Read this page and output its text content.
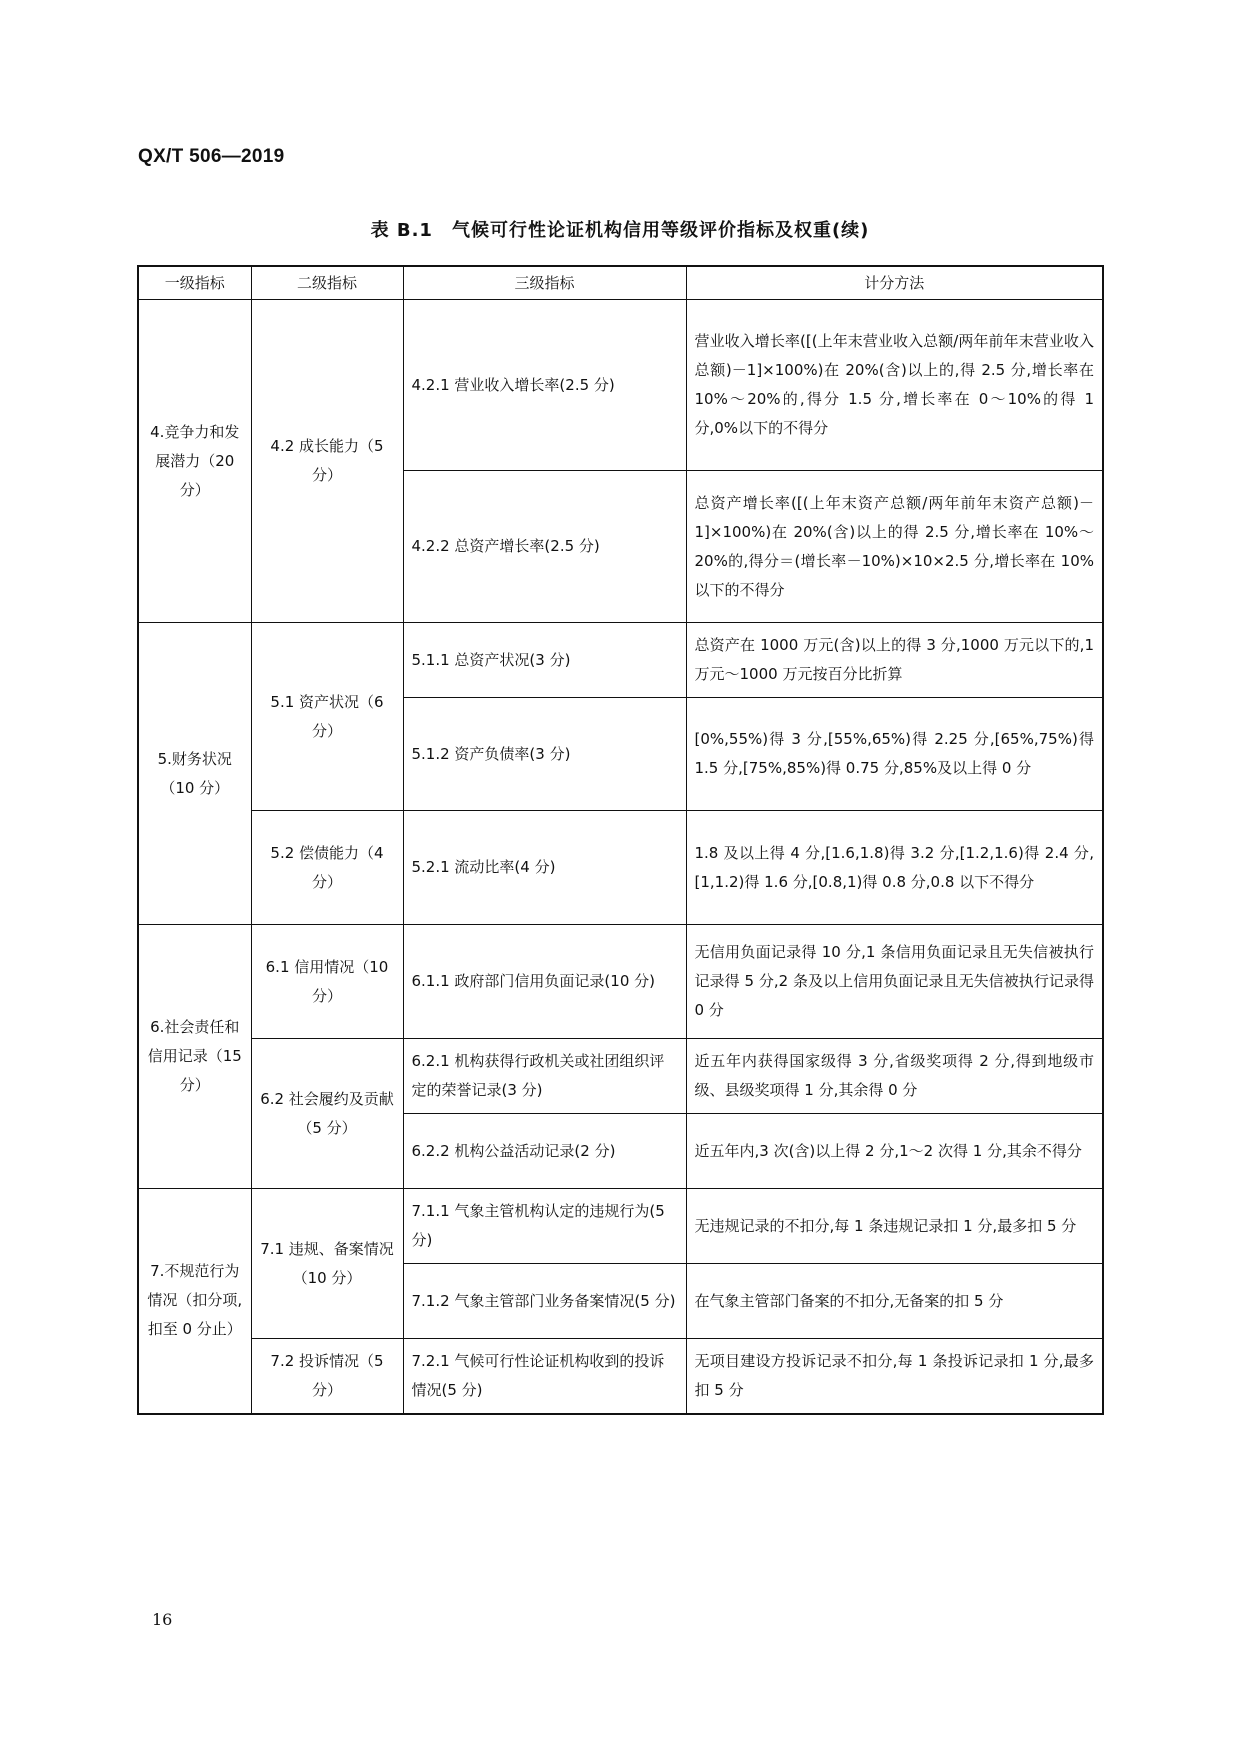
QX/T 506—2019
表 B.1　气候可行性论证机构信用等级评价指标及权重(续)
一级指标	二级指标	三级指标	计分方法
4.竞争力和发展潜力（20 分）	4.2 成长能力（5 分）	4.2.1 营业收入增长率(2.5 分)	营业收入增长率([(上年末营业收入总额/两年前年末营业收入总额)－1]×100%)在 20%(含)以上的,得 2.5 分,增长率在 10%～20%的,得分 1.5 分,增长率在 0～10%的得 1 分,0%以下的不得分
		4.2.2 总资产增长率(2.5 分)	总资产增长率([(上年末资产总额/两年前年末资产总额)－1]×100%)在 20%(含)以上的得 2.5 分,增长率在 10%～20%的,得分＝(增长率－10%)×10×2.5 分,增长率在 10%以下的不得分
5.财务状况（10 分）	5.1 资产状况（6 分）	5.1.1 总资产状况(3 分)	总资产在 1000 万元(含)以上的得 3 分,1000 万元以下的,1 万元～1000 万元按百分比折算
		5.1.2 资产负债率(3 分)	[0%,55%)得 3 分,[55%,65%)得 2.25 分,[65%,75%)得 1.5 分,[75%,85%)得 0.75 分,85%及以上得 0 分
	5.2 偿债能力（4 分）	5.2.1 流动比率(4 分)	1.8 及以上得 4 分,[1.6,1.8)得 3.2 分,[1.2,1.6)得 2.4 分,[1,1.2)得 1.6 分,[0.8,1)得 0.8 分,0.8 以下不得分
6.社会责任和信用记录（15 分）	6.1 信用情况（10 分）	6.1.1 政府部门信用负面记录(10 分)	无信用负面记录得 10 分,1 条信用负面记录且无失信被执行记录得 5 分,2 条及以上信用负面记录且无失信被执行记录得 0 分
	6.2 社会履约及贡献（5 分）	6.2.1 机构获得行政机关或社团组织评定的荣誉记录(3 分)	近五年内获得国家级得 3 分,省级奖项得 2 分,得到地级市级、县级奖项得 1 分,其余得 0 分
		6.2.2 机构公益活动记录(2 分)	近五年内,3 次(含)以上得 2 分,1～2 次得 1 分,其余不得分
7.不规范行为情况（扣分项,扣至 0 分止）	7.1 违规、备案情况（10 分）	7.1.1 气象主管机构认定的违规行为(5 分)	无违规记录的不扣分,每 1 条违规记录扣 1 分,最多扣 5 分
		7.1.2 气象主管部门业务备案情况(5 分)	在气象主管部门备案的不扣分,无备案的扣 5 分
	7.2 投诉情况（5 分）	7.2.1 气候可行性论证机构收到的投诉情况(5 分)	无项目建设方投诉记录不扣分,每 1 条投诉记录扣 1 分,最多扣 5 分
16
